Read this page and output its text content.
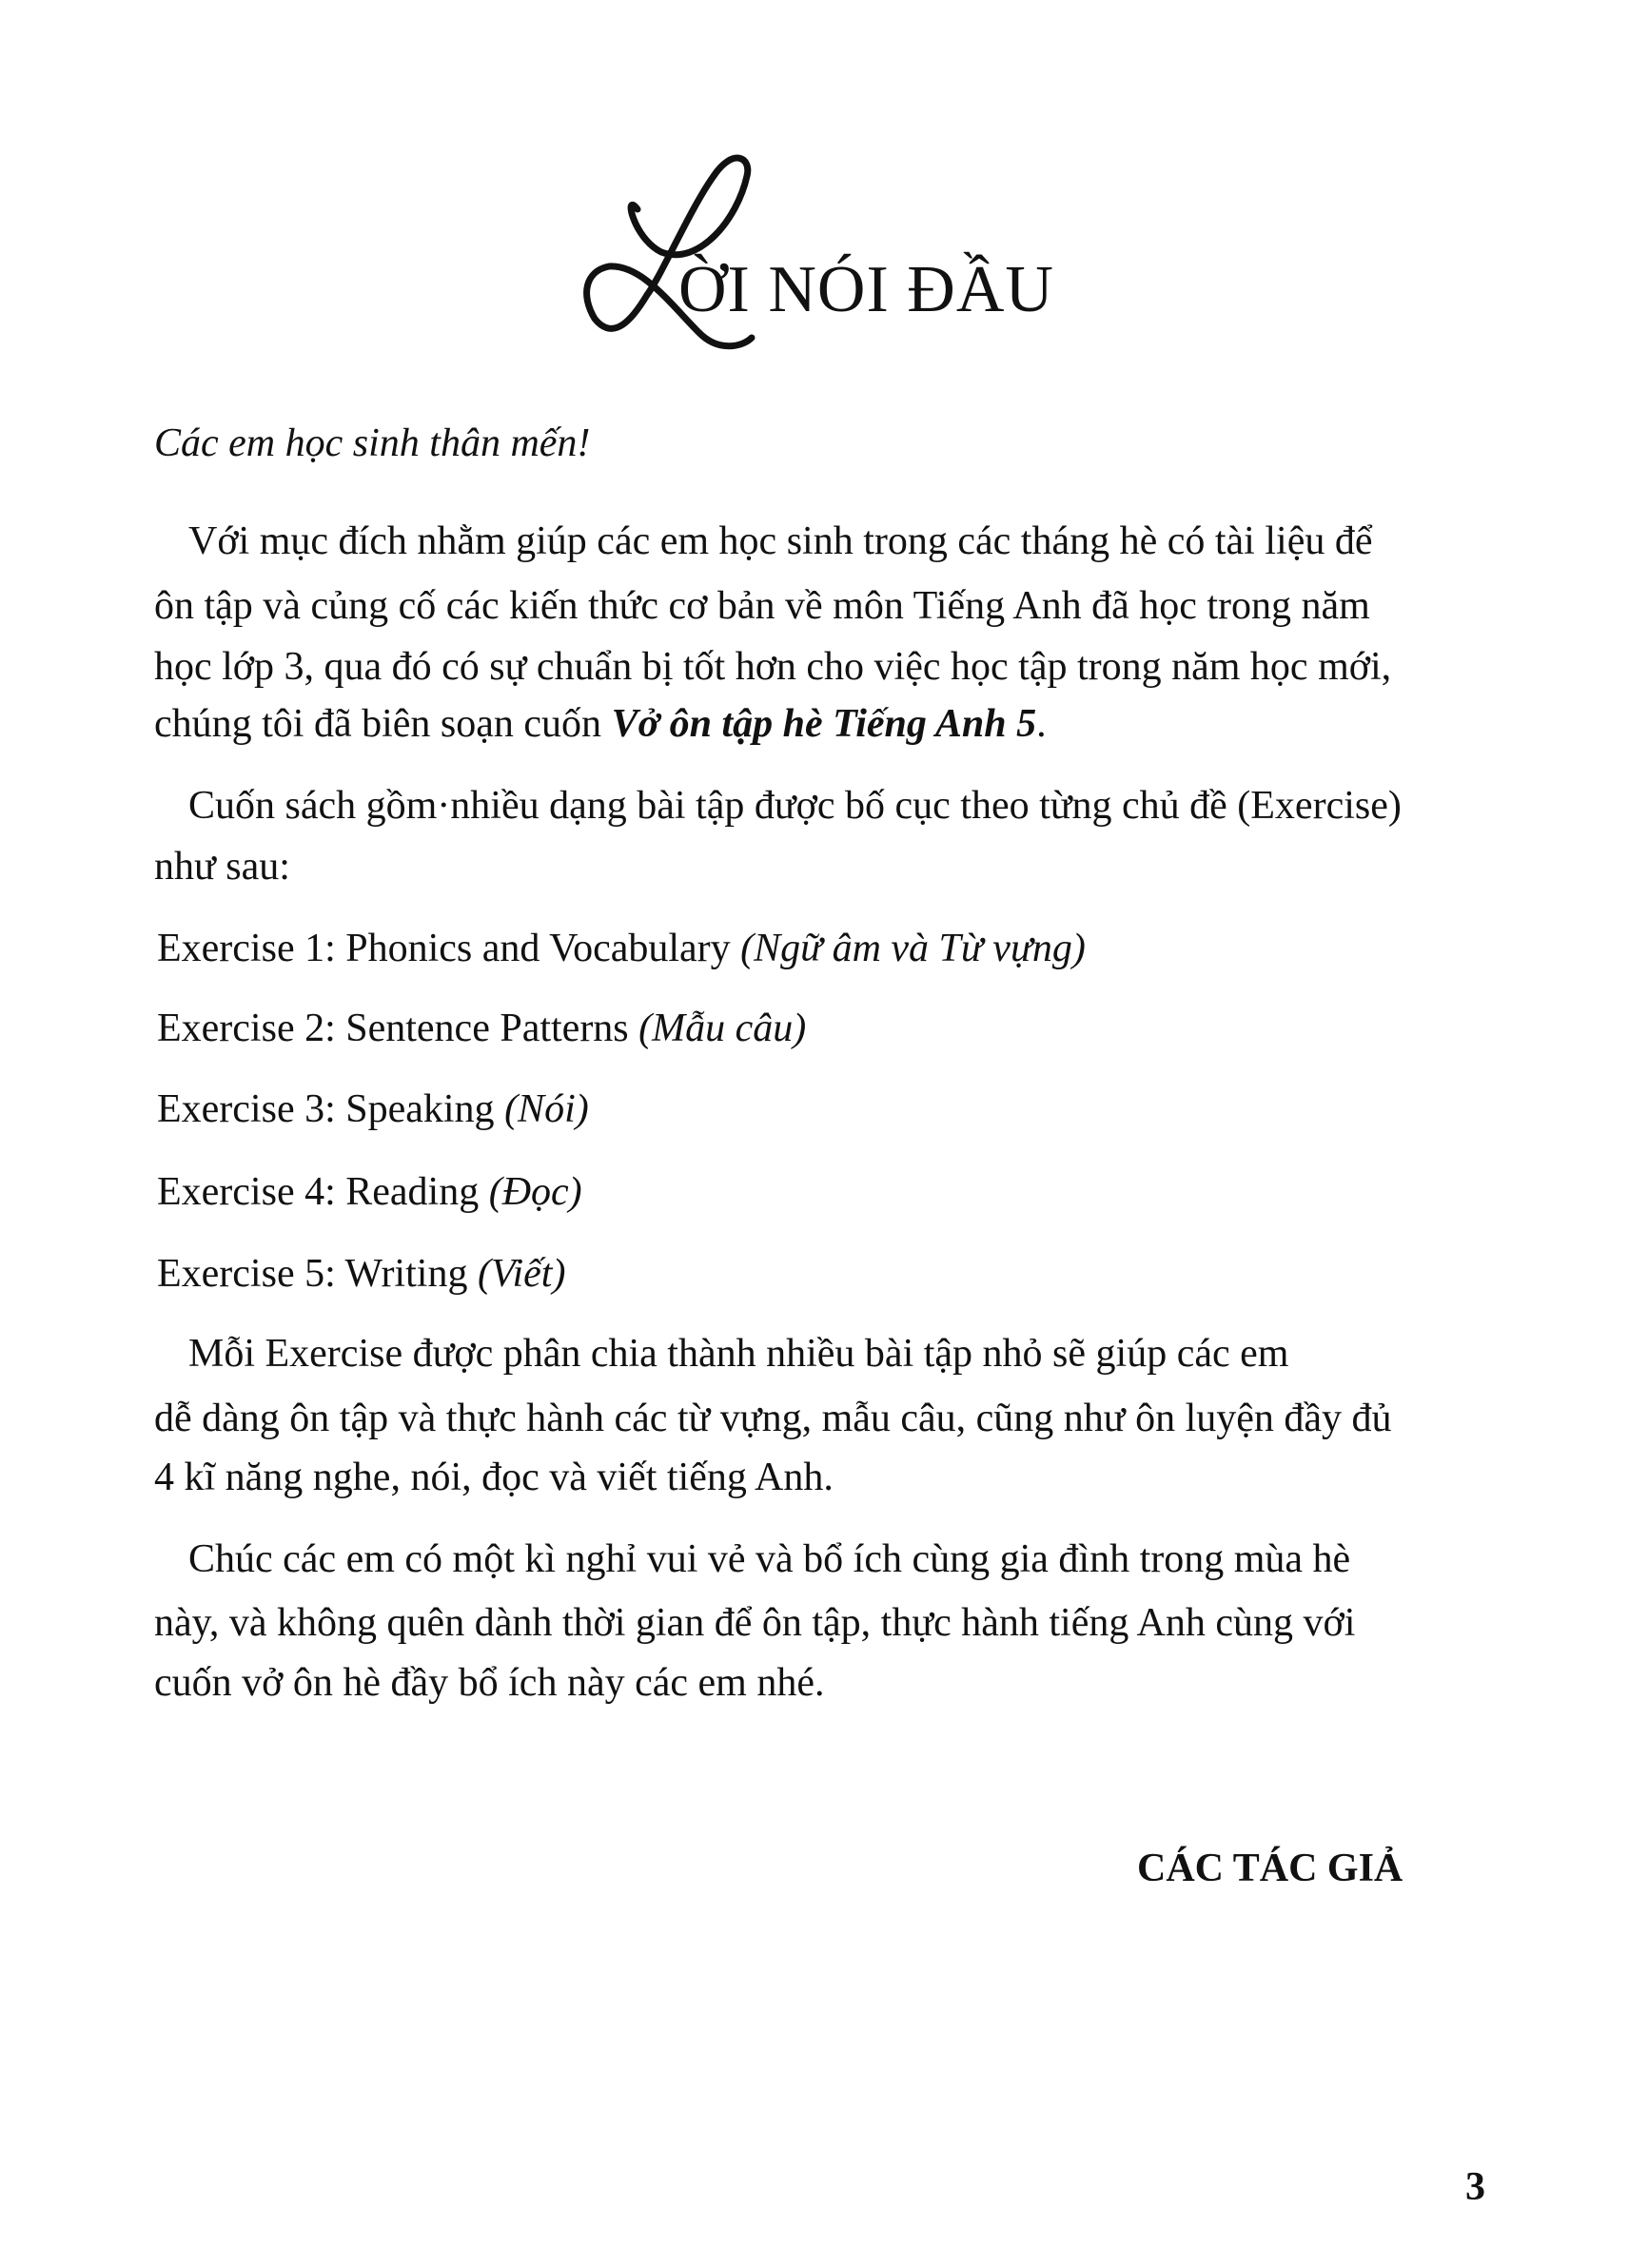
ỜI NÓI ĐẦU
Các em học sinh thân mến!
Với mục đích nhằm giúp các em học sinh trong các tháng hè có tài liệu để
ôn tập và củng cố các kiến thức cơ bản về môn Tiếng Anh đã học trong năm
học lớp 3, qua đó có sự chuẩn bị tốt hơn cho việc học tập trong năm học mới,
chúng tôi đã biên soạn cuốn Vở ôn tập hè Tiếng Anh 5.
Cuốn sách gồm·nhiều dạng bài tập được bố cục theo từng chủ đề (Exercise)
như sau:
Exercise 1: Phonics and Vocabulary (Ngữ âm và Từ vựng)
Exercise 2: Sentence Patterns (Mẫu câu)
Exercise 3: Speaking (Nói)
Exercise 4: Reading (Đọc)
Exercise 5: Writing (Viết)
Mỗi Exercise được phân chia thành nhiều bài tập nhỏ sẽ giúp các em
dễ dàng ôn tập và thực hành các từ vựng, mẫu câu, cũng như ôn luyện đầy đủ
4 kĩ năng nghe, nói, đọc và viết tiếng Anh.
Chúc các em có một kì nghỉ vui vẻ và bổ ích cùng gia đình trong mùa hè
này, và không quên dành thời gian để ôn tập, thực hành tiếng Anh cùng với
cuốn vở ôn hè đầy bổ ích này các em nhé.
CÁC TÁC GIẢ
3
